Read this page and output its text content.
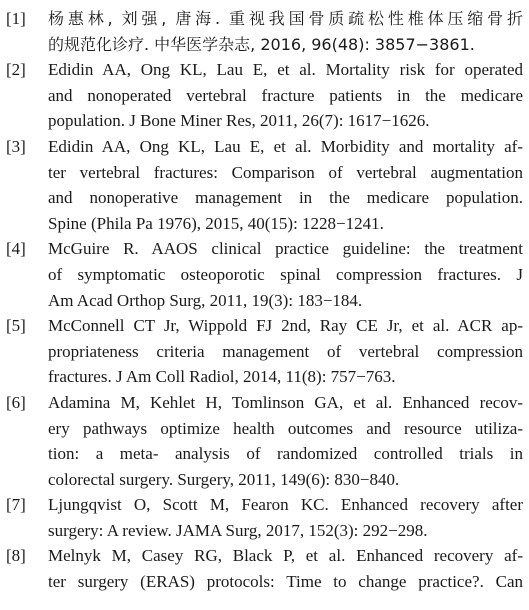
[1]	杨惠林, 刘强, 唐海. 重视我国骨质疏松性椎体压缩骨折
的规范化诊疗. 中华医学杂志, 2016, 96(48): 3857−3861.
[2]	Edidin AA, Ong KL, Lau E, et al. Mortality risk for operated
and nonoperated vertebral fracture patients in the medicare
population. J Bone Miner Res, 2011, 26(7): 1617−1626.
[3]	Edidin AA, Ong KL, Lau E, et al. Morbidity and mortality af-
ter vertebral fractures: Comparison of vertebral augmentation
and nonoperative management in the medicare population.
Spine (Phila Pa 1976), 2015, 40(15): 1228−1241.
[4]	McGuire R. AAOS clinical practice guideline: the treatment
of symptomatic osteoporotic spinal compression fractures. J
Am Acad Orthop Surg, 2011, 19(3): 183−184.
[5]	McConnell CT Jr, Wippold FJ 2nd, Ray CE Jr, et al. ACR ap-
propriateness criteria management of vertebral compression
fractures. J Am Coll Radiol, 2014, 11(8): 757−763.
[6]	Adamina M, Kehlet H, Tomlinson GA, et al. Enhanced recov-
ery pathways optimize health outcomes and resource utiliza-
tion: a meta- analysis of randomized controlled trials in
colorectal surgery. Surgery, 2011, 149(6): 830−840.
[7]	Ljungqvist O, Scott M, Fearon KC. Enhanced recovery after
surgery: A review. JAMA Surg, 2017, 152(3): 292−298.
[8]	Melnyk M, Casey RG, Black P, et al. Enhanced recovery af-
ter surgery (ERAS) protocols: Time to change practice?. Can
